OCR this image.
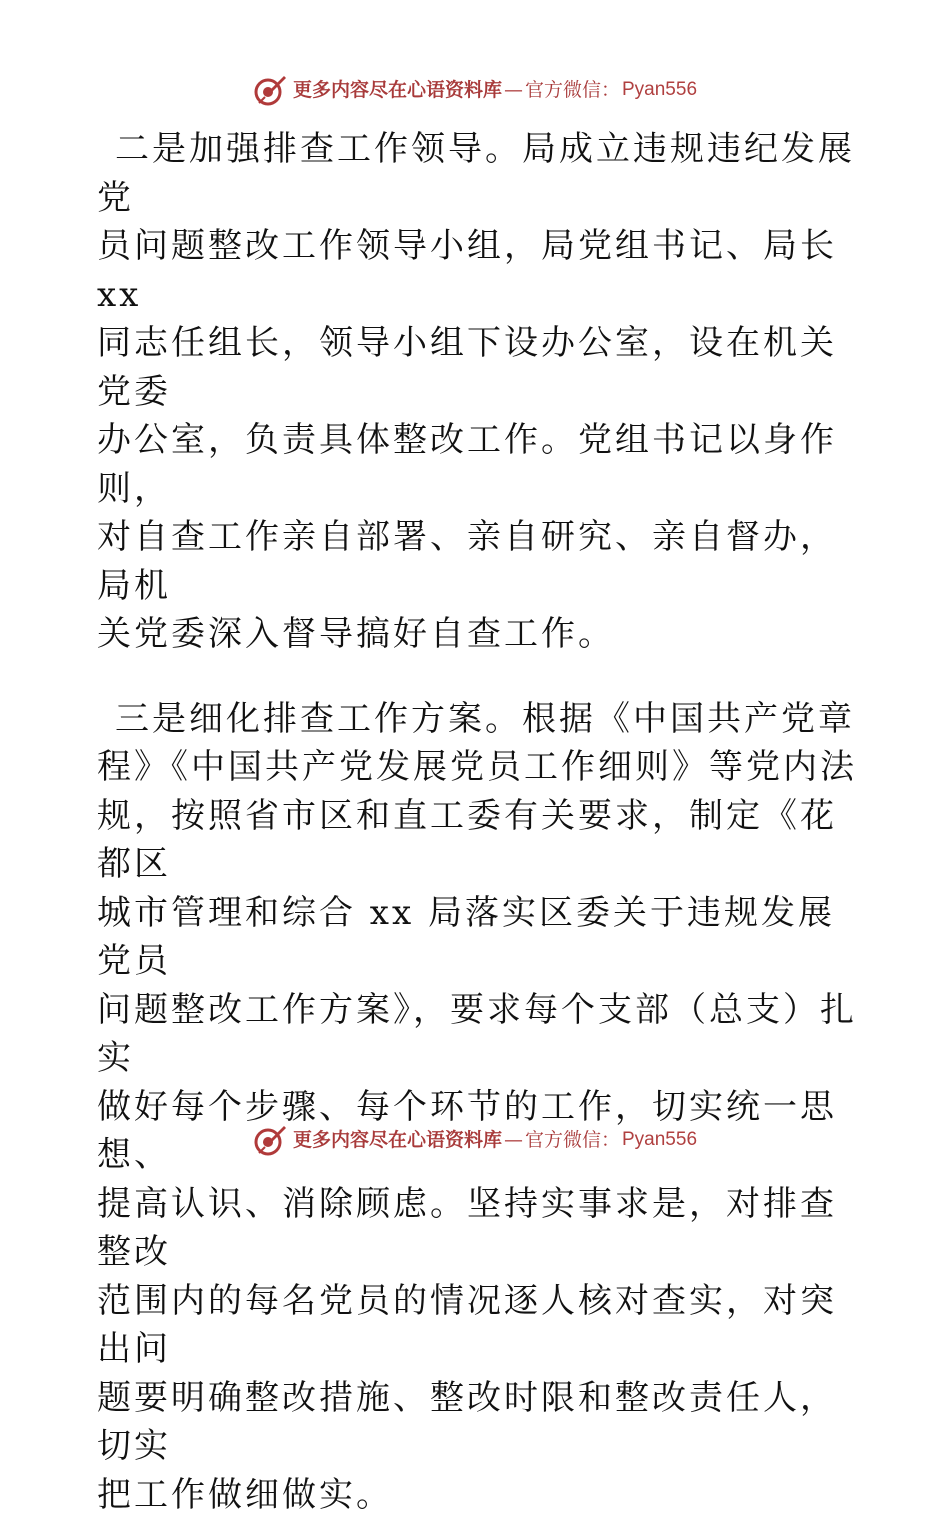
更多内容尽在心语资料库 — 官方微信： Pyan556

二是加强排查工作领导。局成立违规违纪发展党
员问题整改工作领导小组，局党组书记、局长 xx
同志任组长，领导小组下设办公室，设在机关党委
办公室，负责具体整改工作。党组书记以身作则，
对自查工作亲自部署、亲自研究、亲自督办，局机
关党委深入督导搞好自查工作。

三是细化排查工作方案。根据《中国共产党章
程》《中国共产党发展党员工作细则》等党内法
规，按照省市区和直工委有关要求，制定《花都区
城市管理和综合 xx 局落实区委关于违规发展党员
问题整改工作方案》，要求每个支部（总支）扎实
做好每个步骤、每个环节的工作，切实统一思想、
提高认识、消除顾虑。坚持实事求是，对排查整改
范围内的每名党员的情况逐人核对查实，对突出问
题要明确整改措施、整改时限和整改责任人，切实
把工作做细做实。

更多内容尽在心语资料库 — 官方微信： Pyan556
